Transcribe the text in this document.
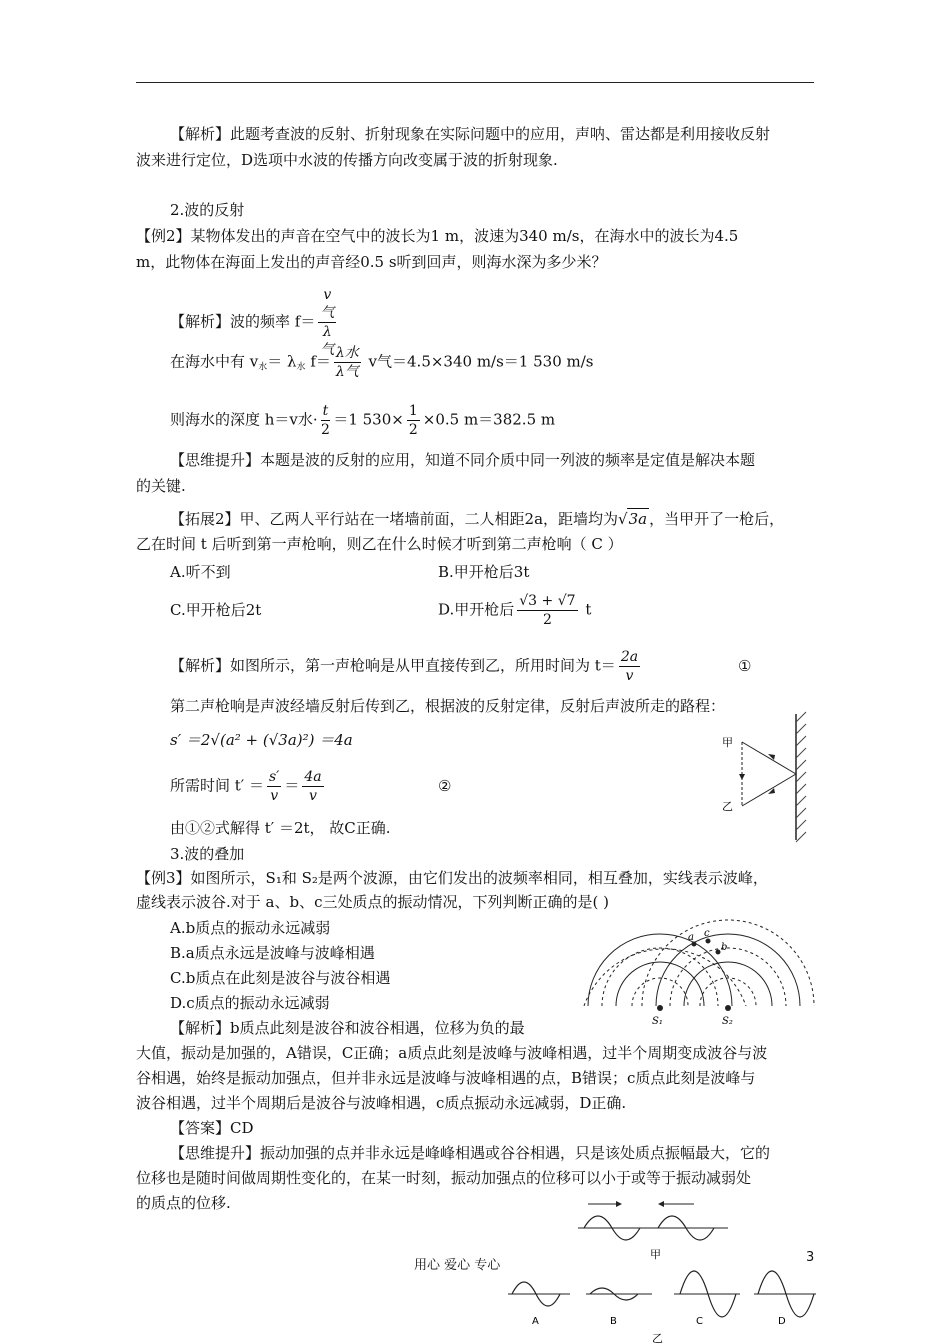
【解析】此题考查波的反射、折射现象在实际问题中的应用，声呐、雷达都是利用接收反射
波来进行定位，D选项中水波的传播方向改变属于波的折射现象.
2.波的反射
【例2】某物体发出的声音在空气中的波长为1 m，波速为340 m/s，在海水中的波长为4.5
m，此物体在海面上发出的声音经0.5 s听到回声，则海水深为多少米？
【解析】波的频率 f＝ v
气
λ
气
在海水中有 $v_水= \lambda_水$ $f= \frac{\text{λ水}}{\text{λ气}}$ v气＝4.5×340 m/s＝1 530 m/s
则海水的深度 h＝v水· $\frac{t}{2} =1$ $530\times \frac{1}{2} \times 0.5$ m＝382.5 m
【思维提升】本题是波的反射的应用，知道不同介质中同一列波的频率是定值是解决本题
的关键.
【拓展2】甲、乙两人平行站在一堵墙前面，二人相距2a，距墙均为√3a ，当甲开了一枪后，
乙在时间 t 后听到第一声枪响，则乙在什么时候才听到第二声枪响（ C ）
A.听不到	B.甲开枪后3t
C.甲开枪后2t	D.甲开枪后 $\frac{√3 + √7}{2}$ t
【解析】如图所示，第一声枪响是从甲直接传到乙，所用时间为 $t= \frac{2a}{v}$	①
第二声枪响是声波经墙反射后传到乙，根据波的反射定律，反射后声波所走的路程：
s′ ＝2√(a² + (√3a)²) ＝4a
所需时间 $t' = \frac{s'}{v} = \frac{4a}{v}$	②
由①②式解得 t′ ＝2t， 故C正确.
甲
乙
3.波的叠加
【例3】如图所示，S₁和 S₂是两个波源，由它们发出的波频率相同，相互叠加，实线表示波峰，
虚线表示波谷.对于 a、b、c三处质点的振动情况，下列判断正确的是( )
A.b质点的振动永远减弱
B.a质点永远是波峰与波峰相遇
C.b质点在此刻是波谷与波谷相遇
D.c质点的振动永远减弱
【解析】b质点此刻是波谷和波谷相遇，位移为负的最
大值，振动是加强的，A错误，C正确；a质点此刻是波峰与波峰相遇，过半个周期变成波谷与波
谷相遇，始终是振动加强点，但并非永远是波峰与波峰相遇的点，B错误；c质点此刻是波峰与
波谷相遇，过半个周期后是波谷与波峰相遇，c质点振动永远减弱，D正确.
【答案】CD
【思维提升】振动加强的点并非永远是峰峰相遇或谷谷相遇，只是该处质点振幅最大，它的
位移也是随时间做周期性变化的，在某一时刻，振动加强点的位移可以小于或等于振动减弱处
的质点的位移.
a c
b
S₁	S₂
甲
A	B	C	D
乙
用心 爱心 专心
3
